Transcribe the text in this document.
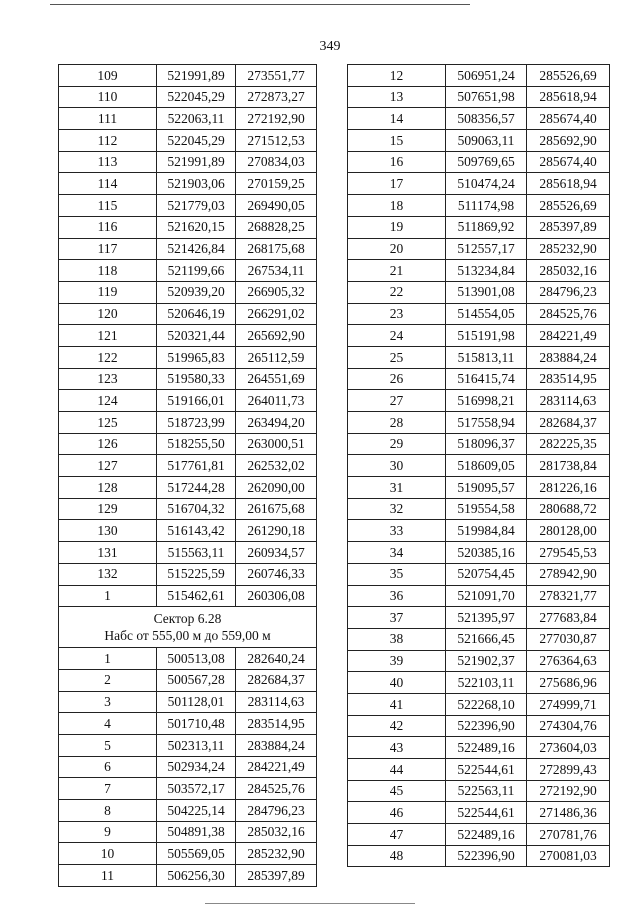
349
109	521991,89	273551,77
110	522045,29	272873,27
111	522063,11	272192,90
112	522045,29	271512,53
113	521991,89	270834,03
114	521903,06	270159,25
115	521779,03	269490,05
116	521620,15	268828,25
117	521426,84	268175,68
118	521199,66	267534,11
119	520939,20	266905,32
120	520646,19	266291,02
121	520321,44	265692,90
122	519965,83	265112,59
123	519580,33	264551,69
124	519166,01	264011,73
125	518723,99	263494,20
126	518255,50	263000,51
127	517761,81	262532,02
128	517244,28	262090,00
129	516704,32	261675,68
130	516143,42	261290,18
131	515563,11	260934,57
132	515225,59	260746,33
1	515462,61	260306,08

Сектор 6.28
Набс от 555,00 м до 559,00 м		

1	500513,08	282640,24
2	500567,28	282684,37
3	501128,01	283114,63
4	501710,48	283514,95
5	502313,11	283884,24
6	502934,24	284221,49
7	503572,17	284525,76
8	504225,14	284796,23
9	504891,38	285032,16
10	505569,05	285232,90
11	506256,30	285397,89
12	506951,24	285526,69
13	507651,98	285618,94
14	508356,57	285674,40
15	509063,11	285692,90
16	509769,65	285674,40
17	510474,24	285618,94
18	511174,98	285526,69
19	511869,92	285397,89
20	512557,17	285232,90
21	513234,84	285032,16
22	513901,08	284796,23
23	514554,05	284525,76
24	515191,98	284221,49
25	515813,11	283884,24
26	516415,74	283514,95
27	516998,21	283114,63
28	517558,94	282684,37
29	518096,37	282225,35
30	518609,05	281738,84
31	519095,57	281226,16
32	519554,58	280688,72
33	519984,84	280128,00
34	520385,16	279545,53
35	520754,45	278942,90
36	521091,70	278321,77
37	521395,97	277683,84
38	521666,45	277030,87
39	521902,37	276364,63
40	522103,11	275686,96
41	522268,10	274999,71
42	522396,90	274304,76
43	522489,16	273604,03
44	522544,61	272899,43
45	522563,11	272192,90
46	522544,61	271486,36
47	522489,16	270781,76
48	522396,90	270081,03
